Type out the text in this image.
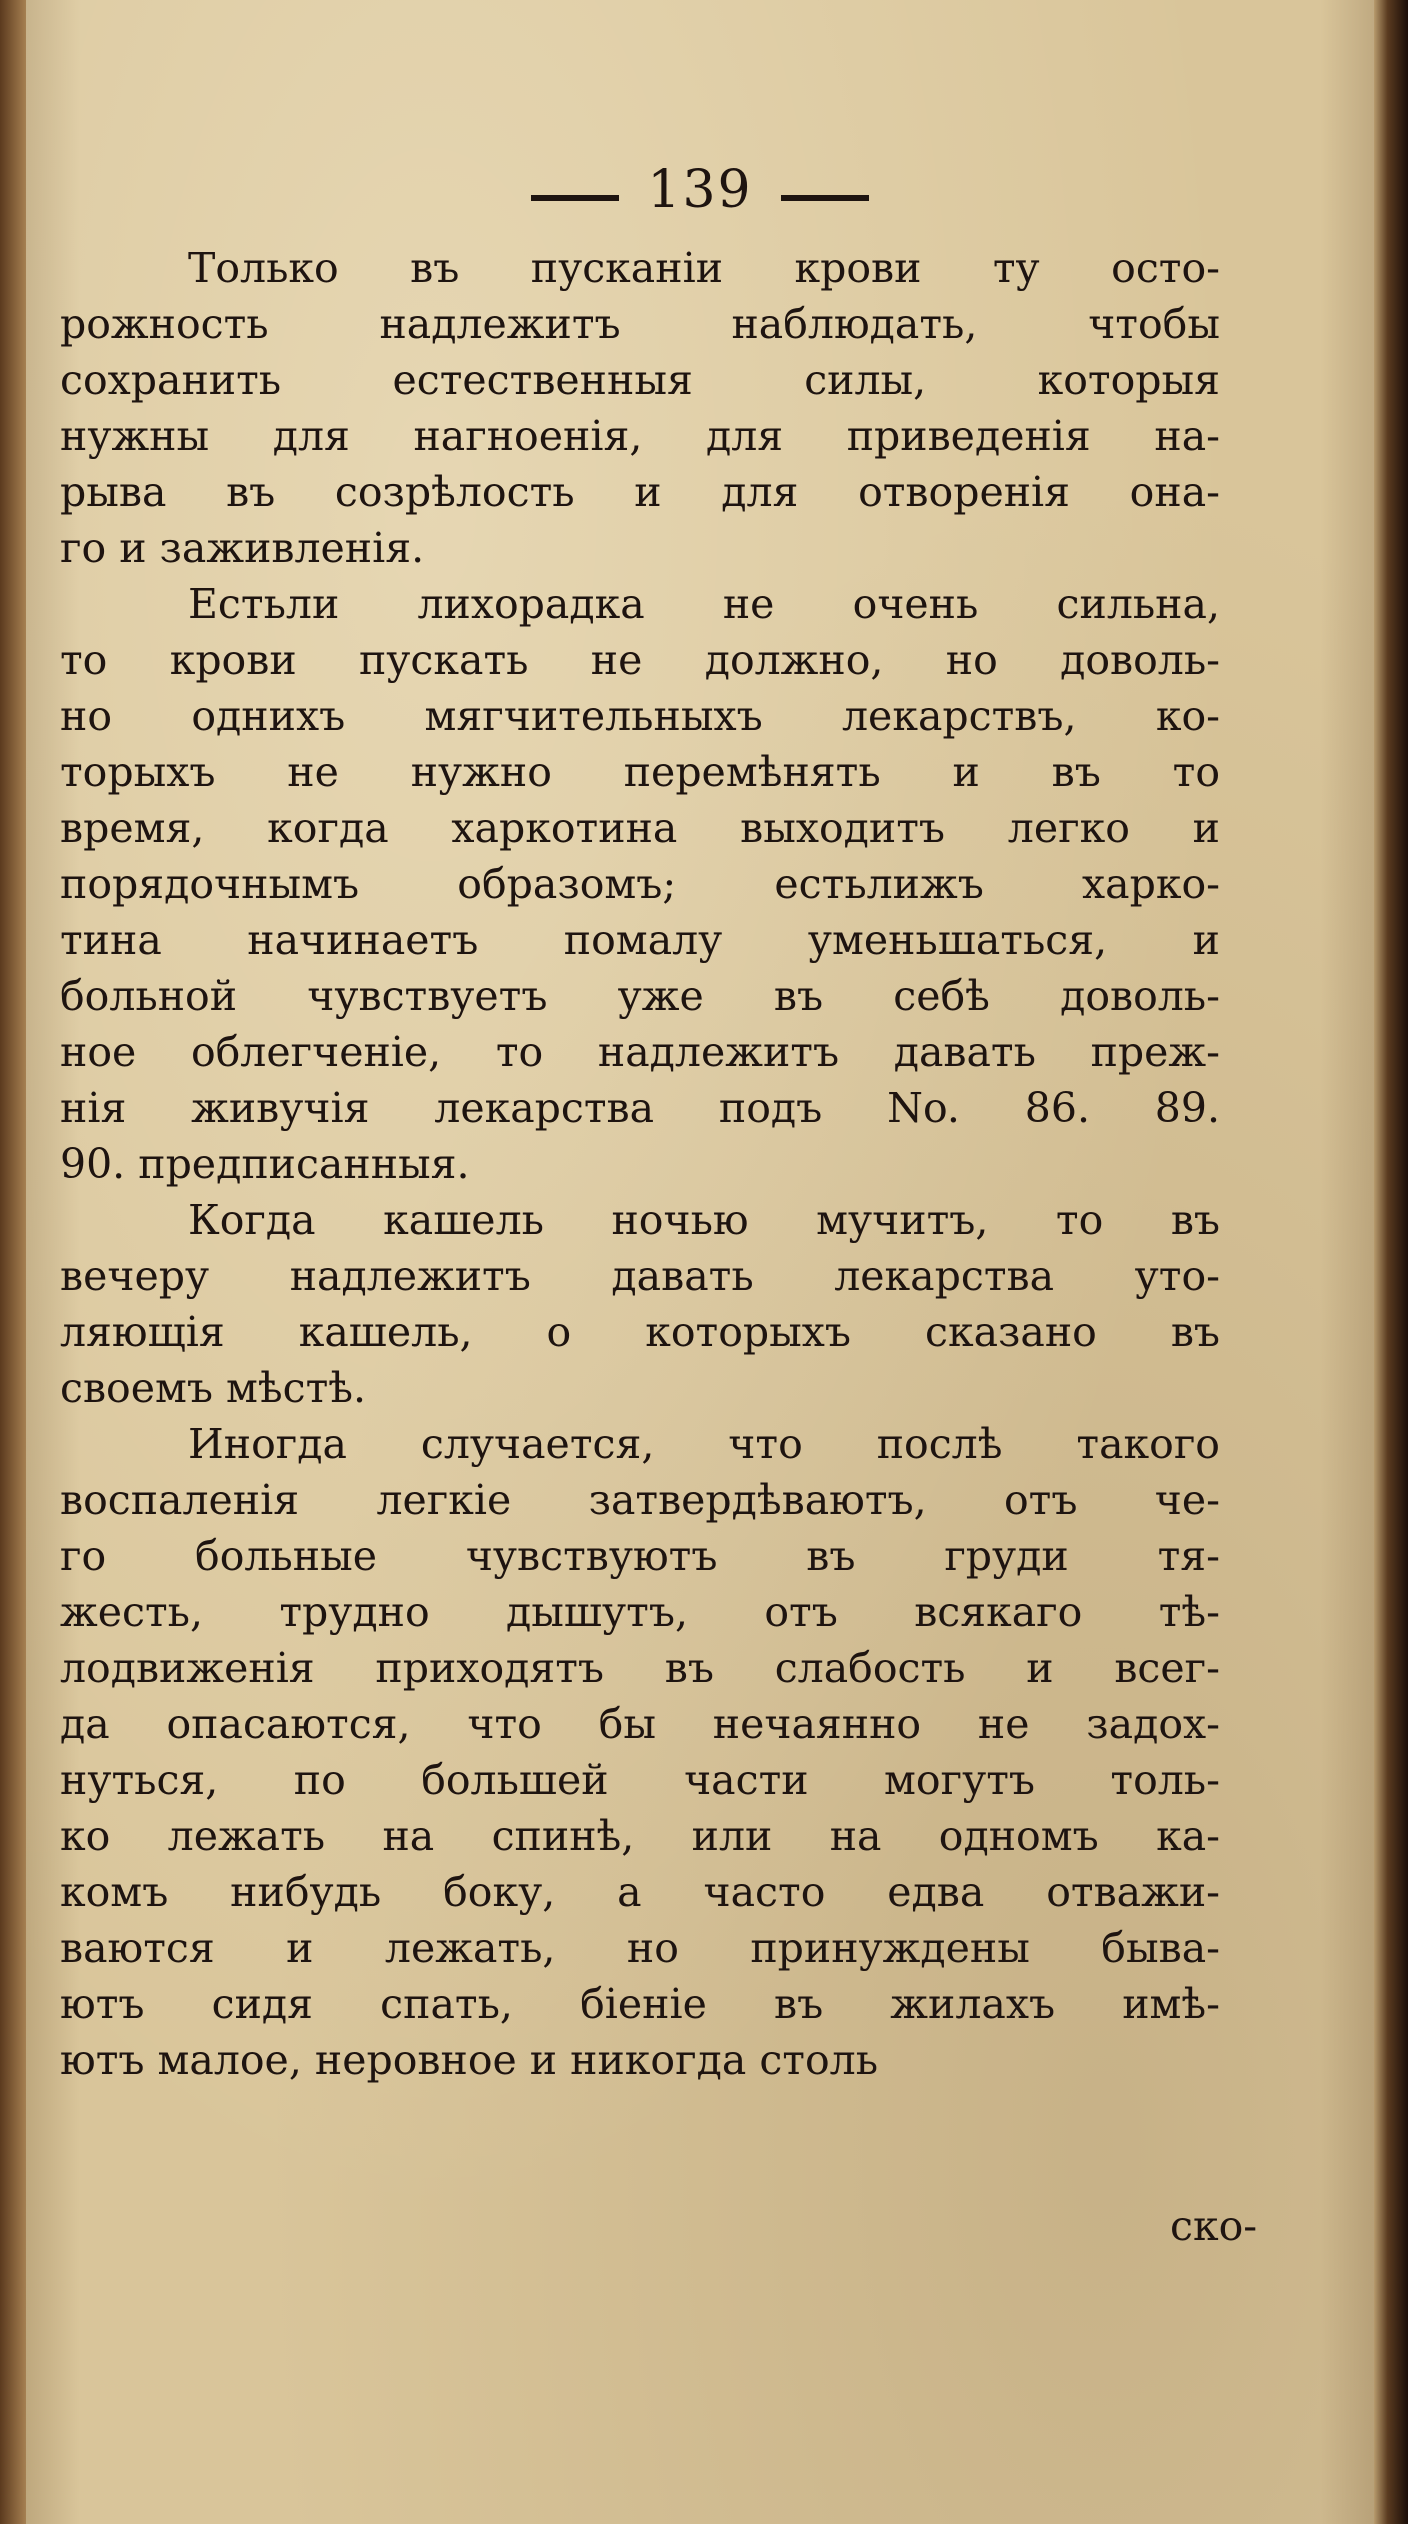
139
Только въ пусканіи крови ту осто-
рожность надлежитъ наблюдать, чтобы
сохранить естественныя силы, которыя
нужны для нагноенія, для приведенія на-
рыва въ созрѣлость и для отворенія она-
го и заживленія.
Естьли лихорадка не очень сильна,
то крови пускать не должно, но доволь-
но однихъ мягчительныхъ лекарствъ, ко-
торыхъ не нужно перемѣнять и въ то
время, когда харкотина выходитъ легко и
порядочнымъ образомъ; естьлижъ харко-
тина начинаетъ помалу уменьшаться, и
больной чувствуетъ уже въ себѣ доволь-
ное облегченіе, то надлежитъ давать преж-
нія живучія лекарства подъ No. 86. 89.
90. предписанныя.
Когда кашель ночью мучитъ, то въ
вечеру надлежитъ давать лекарства уто-
ляющія кашель, о которыхъ сказано въ
своемъ мѣстѣ.
Иногда случается, что послѣ такого
воспаленія легкіе затвердѣваютъ, отъ че-
го больные чувствуютъ въ груди тя-
жесть, трудно дышутъ, отъ всякаго тѣ-
лодвиженія приходятъ въ слабость и всег-
да опасаются, что бы нечаянно не задох-
нуться, по большей части могутъ толь-
ко лежать на спинѣ, или на одномъ ка-
комъ нибудь боку, а часто едва отважи-
ваются и лежать, но принуждены быва-
ютъ сидя спать, біеніе въ жилахъ имѣ-
ютъ малое, неровное и никогда столь
ско-
